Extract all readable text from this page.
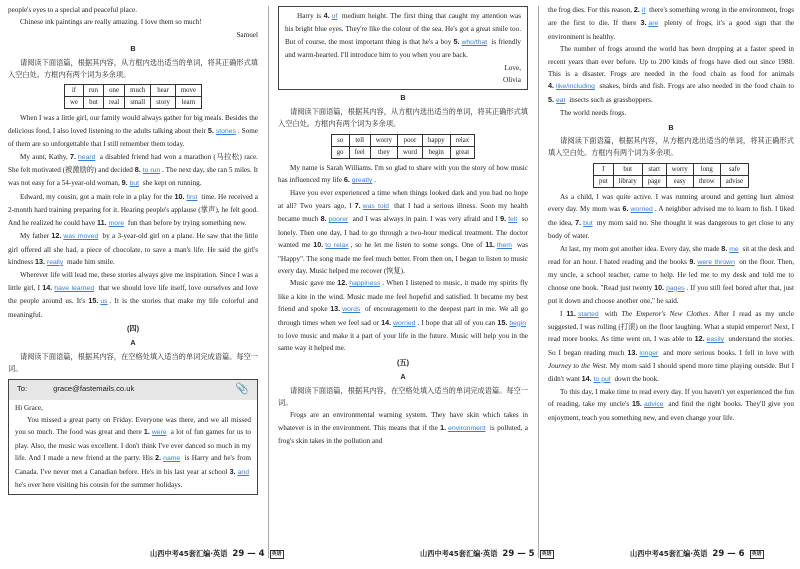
people's eyes to a special and peaceful place.

Chinese ink paintings are really amazing. I love them so much!

Samuel

B

请阅读下面语篇，根据其内容，从方框内选出适当的单词，将其正确形式填入空白处。方框内有两个词为多余项。

if	run	one	much	hear	move
we	but	real	small	story	learn

When I was a little girl, our family would always gather for big meals. Besides the delicious food, I also loved listening to the adults talking about their 5. stories . Some of them are so unforgettable that I still remember them today.

My aunt, Kathy, 7. heard a disabled friend had won a marathon (马拉松) race. She felt motivated (被激励的) and decided 8. to run . The next day, she ran 5 miles. It was not easy for a 54-year-old woman, 9. but she kept on running.

Edward, my cousin, got a main role in a play for the 10. first time. He received a 2-month hard training preparing for it. Hearing people's applause (掌声), he felt good. And he realized he could have 11. more fun than before by trying something new.

My father 12. was moved by a 3-year-old girl on a plane. He saw that the little girl offered all she had, a piece of chocolate, to save a man's life. He said the girl's kindness 13. really made him smile.

Wherever life will lead me, these stories always give me inspiration. Since I was a little girl, I 14. have learned that we should love life itself, love ourselves and love the people around us. It's 15. us . It is the stories that make my life colorful and meaningful.

(四)
A

请阅读下面语篇，根据其内容，在空格处填入适当的单词完成语篇。每空一词。

To:	grace@fastemails.co.uk	📎

Hi Grace,

You missed a great party on Friday. Everyone was there, and we all missed you so much. The food was great and there 1. were a lot of fun games for us to play. Also, the music was excellent. I don't think I've ever danced so much in my life. And I made a new friend at the party. His 2. name is Harry and he's from Canada. I've never met a Canadian before. He's in his last year at school 3. and he's over here visiting his cousin for the summer holidays.

Harry is 4. of medium height. The first thing that caught my attention was his bright blue eyes. They're like the colour of the sea. He's got a great smile too. But of course, the most important thing is that he's a boy 5. who/that is friendly and warm-hearted. I'll introduce him to you when you are back.

Love,

Olivia

B

请阅读下面语篇，根据其内容，从方框内选出适当的单词，将其正确形式填入空白处。方框内有两个词为多余项。

so	tell	worry	poor	happy	relax
go	feel	they	word	begin	great

My name is Sarah Williams. I'm so glad to share with you the story of how music has influenced my life 6. greatly .

Have you ever experienced a time when things looked dark and you had no hope at all? Two years ago, I 7. was told that I had a serious illness. Soon my health became much 8. poorer and I was always in pain. I was very afraid and I 9. felt so lonely. Then one day, I had to go through a two-hour medical treatment. The doctor wanted me 10. to relax , so he let me listen to some songs. One of 11. them was "Happy". The song made me feel much better. From then on, I began to listen to music every day. Music helped me recover (恢复).

Music gave me 12. happiness . When I listened to music, it made my spirits fly like a kite in the wind. Music made me feel hopeful and satisfied. It became my best friend and spoke 13. words of encouragement to the deepest part in me. We all go through times when we feel sad or 14. worried . I hope that all of you can 15. begin to love music and make it a part of your life in the future. Music will help you in the same way it helped me.

(五)
A

请阅读下面语篇，根据其内容，在空格处填入适当的单词完成语篇。每空一词。

Frogs are an environmental warning system. They have skin which takes in whatever is in the environment. This means that if the 1. environment is polluted, a frog's skin takes in the pollution and

the frog dies. For this reason, 2. if there's something wrong in the environment, frogs are the first to die. If there 3. are plenty of frogs, it's a good sign that the environment is healthy.

The number of frogs around the world has been dropping at a faster speed in recent years than ever before. Up to 200 kinds of frogs have died out since 1980. This is a disaster. Frogs are needed in the food chain as food for animals 4. like/including snakes, birds and fish. Frogs are also needed in the food chain to 5. eat insects such as grasshoppers.

The world needs frogs.

B

请阅读下面语篇，根据其内容，从方框内选出适当的单词，将其正确形式填入空白处。方框内有两个词为多余项。

I	but	start	worry	long	safe
put	library	page	easy	throw	advise

As a child, I was quite active. I was running around and getting hurt almost every day. My mom was 6. worried . A neighbor advised me to learn to fish. I liked the idea, 7. but my mom said no. She thought it was dangerous to get close to any body of water.

At last, my mom got another idea. Every day, she made 8. me sit at the desk and read for an hour. I hated reading and the books 9. were thrown on the floor. Then, my uncle, a school teacher, came to help. He led me to my desk and told me to choose one book. "Read just twenty 10. pages . If you still feel bored after that, just put it down and choose another one," he said.

I 11. started with The Emperor's New Clothes. After I read as my uncle suggested, I was rolling (打滚) on the floor laughing. What a stupid emperor! Next, I read more books. As time went on, I was able to 12. easily understand the stories. So I began reading much 13. longer and more serious books. I fell in love with Journey to the West. My mom said I should spend more time playing outside. But I didn't want 14. to put down the book.

To this day, I make time to read every day. If you haven't yet experienced the fun of reading, take my uncle's 15. advice and find the right books. They'll give you enjoyment, teach you something new, and even change your life.

山西中考45套汇编·英语 29 — 4	英语	山西中考45套汇编·英语 29 — 5	英语	山西中考45套汇编·英语 29 — 6	英语
